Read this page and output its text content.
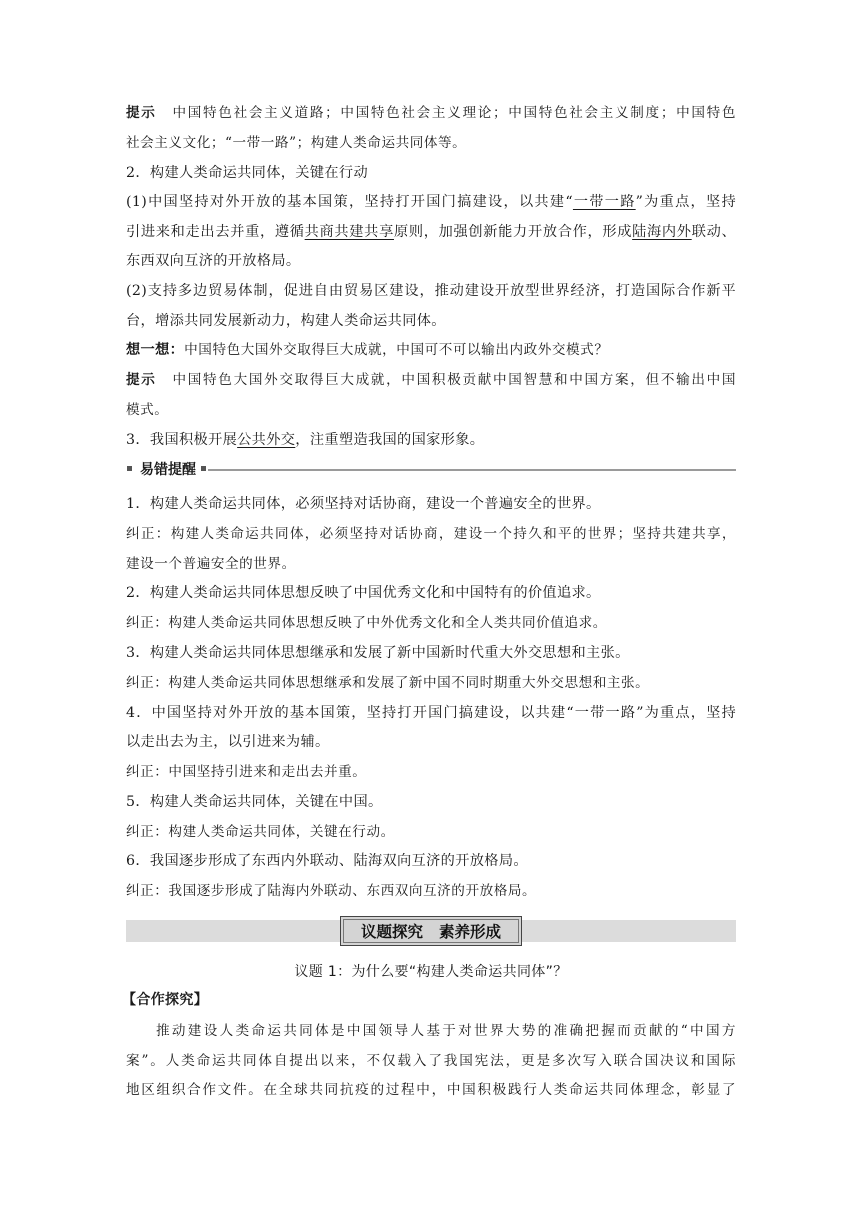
提示 中国特色社会主义道路；中国特色社会主义理论；中国特色社会主义制度；中国特色
社会主义文化；“一带一路”；构建人类命运共同体等。
2．构建人类命运共同体，关键在行动
(1)中国坚持对外开放的基本国策，坚持打开国门搞建设，以共建“一带一路”为重点，坚持
引进来和走出去并重，遵循共商共建共享原则，加强创新能力开放合作，形成陆海内外联动、
东西双向互济的开放格局。
(2)支持多边贸易体制，促进自由贸易区建设，推动建设开放型世界经济，打造国际合作新平
台，增添共同发展新动力，构建人类命运共同体。
想一想：中国特色大国外交取得巨大成就，中国可不可以输出内政外交模式？
提示 中国特色大国外交取得巨大成就，中国积极贡献中国智慧和中国方案，但不输出中国
模式。
3．我国积极开展公共外交，注重塑造我国的国家形象。
易错提醒
1．构建人类命运共同体，必须坚持对话协商，建设一个普遍安全的世界。
纠正：构建人类命运共同体，必须坚持对话协商，建设一个持久和平的世界；坚持共建共享，
建设一个普遍安全的世界。
2．构建人类命运共同体思想反映了中国优秀文化和中国特有的价值追求。
纠正：构建人类命运共同体思想反映了中外优秀文化和全人类共同价值追求。
3．构建人类命运共同体思想继承和发展了新中国新时代重大外交思想和主张。
纠正：构建人类命运共同体思想继承和发展了新中国不同时期重大外交思想和主张。
4．中国坚持对外开放的基本国策，坚持打开国门搞建设，以共建“一带一路”为重点，坚持
以走出去为主，以引进来为辅。
纠正：中国坚持引进来和走出去并重。
5．构建人类命运共同体，关键在中国。
纠正：构建人类命运共同体，关键在行动。
6．我国逐步形成了东西内外联动、陆海双向互济的开放格局。
纠正：我国逐步形成了陆海内外联动、东西双向互济的开放格局。
议题探究 素养形成
议题 1：为什么要“构建人类命运共同体”？
【合作探究】
推动建设人类命运共同体是中国领导人基于对世界大势的准确把握而贡献的“中国方
案”。人类命运共同体自提出以来，不仅载入了我国宪法，更是多次写入联合国决议和国际
地区组织合作文件。在全球共同抗疫的过程中，中国积极践行人类命运共同体理念，彰显了
